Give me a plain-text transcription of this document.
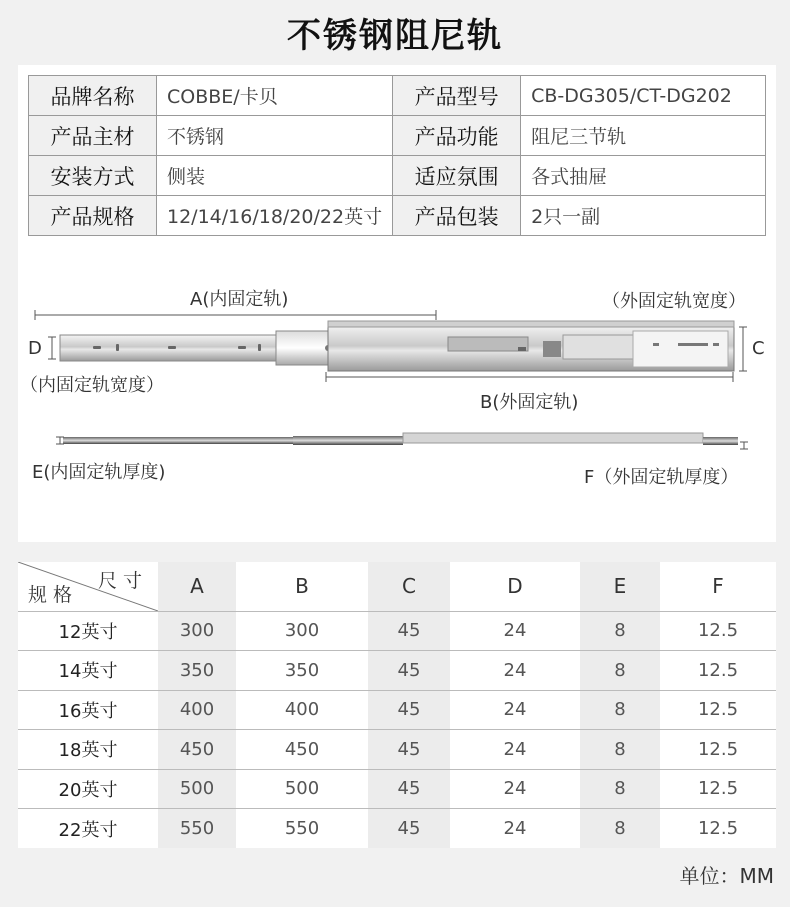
不锈钢阻尼轨
品牌名称	COBBE/卡贝	产品型号	CB-DG305/CT-DG202
产品主材	不锈钢	产品功能	阻尼三节轨
安装方式	侧装	适应氛围	各式抽屉
产品规格	12/14/16/18/20/22英寸	产品包装	2只一副
A(内固定轨)	（外固定轨宽度）
D	C
（内固定轨宽度）
B(外固定轨)
E(内固定轨厚度)	F（外固定轨厚度）
尺寸
规格	A	B	C	D	E	F
12英寸	300	300	45	24	8	12.5
14英寸	350	350	45	24	8	12.5
16英寸	400	400	45	24	8	12.5
18英寸	450	450	45	24	8	12.5
20英寸	500	500	45	24	8	12.5
22英寸	550	550	45	24	8	12.5
单位：MM
